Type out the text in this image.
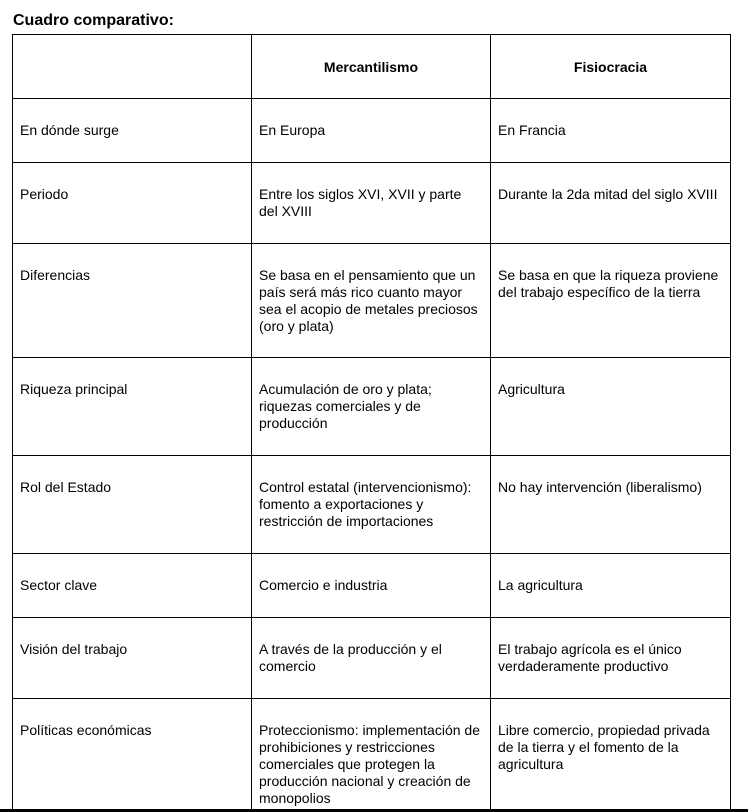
Cuadro comparativo:
	Mercantilismo	Fisiocracia
En dónde surge	En Europa	En Francia
Periodo	Entre los siglos XVI, XVII y parte del XVIII	Durante la 2da mitad del siglo XVIII
Diferencias	Se basa en el pensamiento que un país será más rico cuanto mayor sea el acopio de metales preciosos (oro y plata)	Se basa en que la riqueza proviene del trabajo específico de la tierra
Riqueza principal	Acumulación de oro y plata; riquezas comerciales y de producción	Agricultura
Rol del Estado	Control estatal (intervencionismo): fomento a exportaciones y restricción de importaciones	No hay intervención (liberalismo)
Sector clave	Comercio e industria	La agricultura
Visión del trabajo	A través de la producción y el comercio	El trabajo agrícola es el único verdaderamente productivo
Políticas económicas	Proteccionismo: implementación de prohibiciones y restricciones comerciales que protegen la producción nacional y creación de monopolios	Libre comercio, propiedad privada de la tierra y el fomento de la agricultura
